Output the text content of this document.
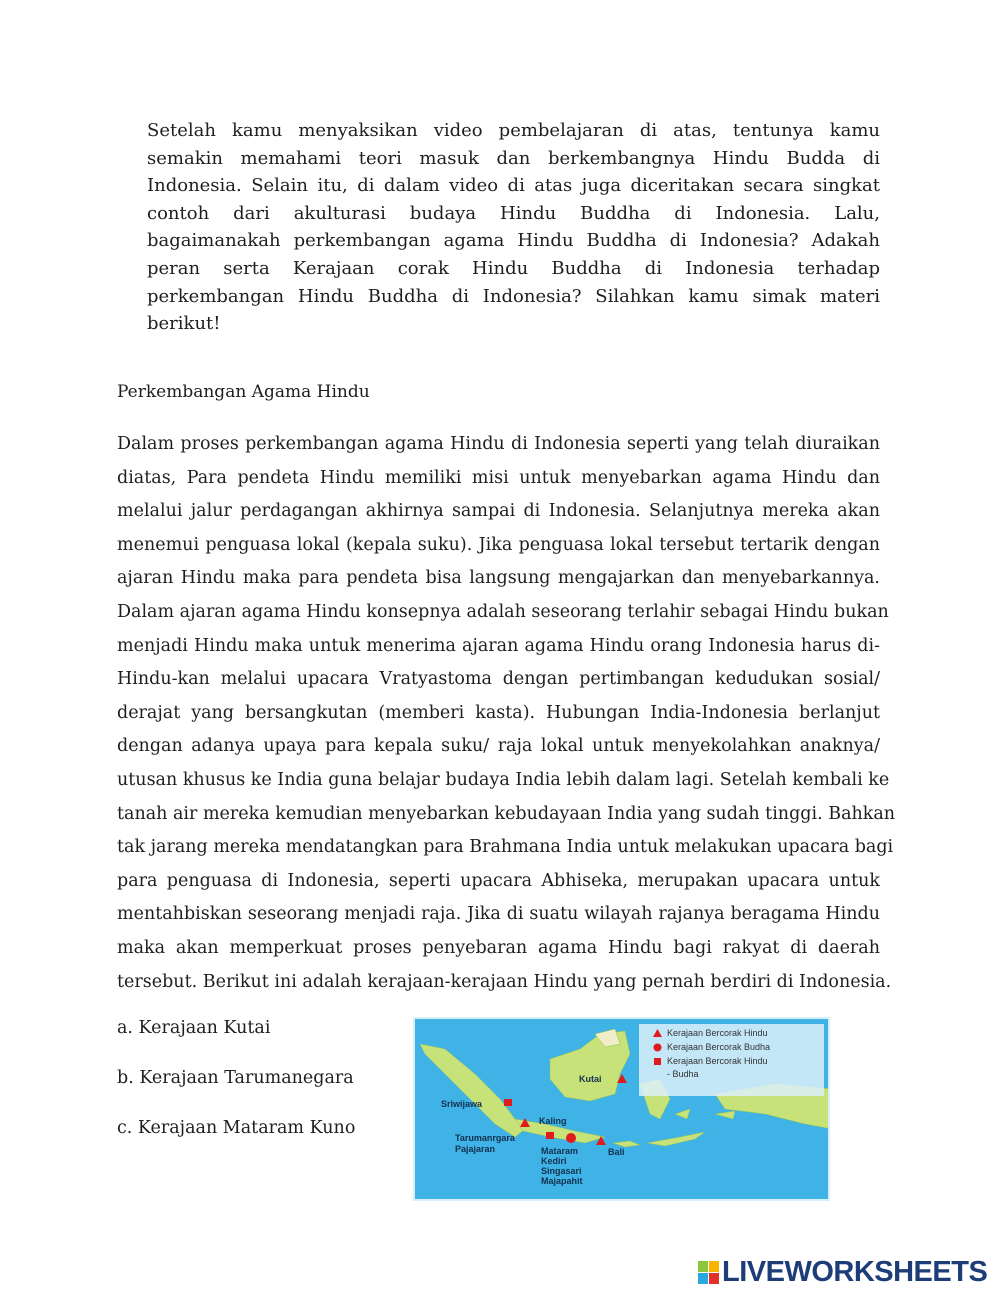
Setelah kamu menyaksikan video pembelajaran di atas, tentunya kamu
semakin memahami teori masuk dan berkembangnya Hindu Budda di
Indonesia. Selain itu, di dalam video di atas juga diceritakan secara singkat
contoh dari akulturasi budaya Hindu Buddha di Indonesia. Lalu,
bagaimanakah perkembangan agama Hindu Buddha di Indonesia? Adakah
peran serta Kerajaan corak Hindu Buddha di Indonesia terhadap
perkembangan Hindu Buddha di Indonesia? Silahkan kamu simak materi
berikut!
Perkembangan Agama Hindu
Dalam proses perkembangan agama Hindu di Indonesia seperti yang telah diuraikan
diatas, Para pendeta Hindu memiliki misi untuk menyebarkan agama Hindu dan
melalui jalur perdagangan akhirnya sampai di Indonesia. Selanjutnya mereka akan
menemui penguasa lokal (kepala suku). Jika penguasa lokal tersebut tertarik dengan
ajaran Hindu maka para pendeta bisa langsung mengajarkan dan menyebarkannya.
Dalam ajaran agama Hindu konsepnya adalah seseorang terlahir sebagai Hindu bukan
menjadi Hindu maka untuk menerima ajaran agama Hindu orang Indonesia harus di-
Hindu-kan melalui upacara Vratyastoma dengan pertimbangan kedudukan sosial/
derajat yang bersangkutan (memberi kasta). Hubungan India-Indonesia berlanjut
dengan adanya upaya para kepala suku/ raja lokal untuk menyekolahkan anaknya/
utusan khusus ke India guna belajar budaya India lebih dalam lagi. Setelah kembali ke
tanah air mereka kemudian menyebarkan kebudayaan India yang sudah tinggi. Bahkan
tak jarang mereka mendatangkan para Brahmana India untuk melakukan upacara bagi
para penguasa di Indonesia, seperti upacara Abhiseka, merupakan upacara untuk
mentahbiskan seseorang menjadi raja. Jika di suatu wilayah rajanya beragama Hindu
maka akan memperkuat proses penyebaran agama Hindu bagi rakyat di daerah
tersebut. Berikut ini adalah kerajaan-kerajaan Hindu yang pernah berdiri di Indonesia.
a. Kerajaan Kutai
b. Kerajaan Tarumanegara
c. Kerajaan Mataram Kuno
Kutai
Sriwijawa
Kaling
Tarumanrgara
Pajajaran	Mataram
Kediri
Singasari
Majapahit
Bali
Kerajaan Bercorak Hindu
Kerajaan Bercorak Budha
Kerajaan Bercorak Hindu
- Budha
LIVEWORKSHEETS
